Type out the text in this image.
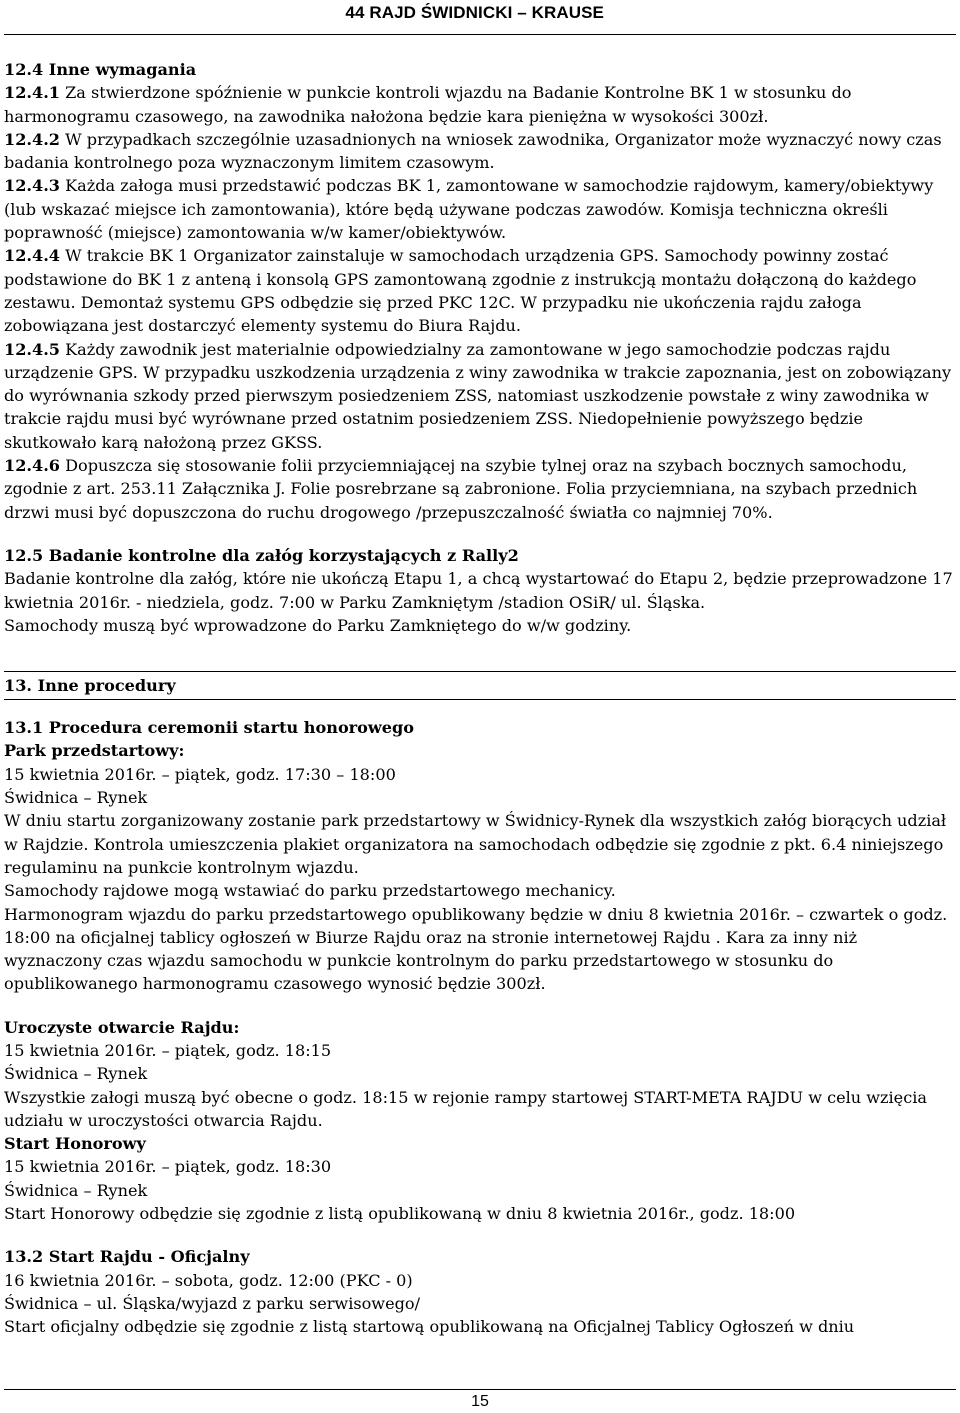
44 RAJD ŚWIDNICKI – KRAUSE

12.4 Inne wymagania

12.4.1 Za stwierdzone spóźnienie w punkcie kontroli wjazdu na Badanie Kontrolne BK 1 w stosunku do harmonogramu czasowego, na zawodnika nałożona będzie kara pieniężna w wysokości 300zł.

12.4.2 W przypadkach szczególnie uzasadnionych na wniosek zawodnika, Organizator może wyznaczyć nowy czas badania kontrolnego poza wyznaczonym limitem czasowym.

12.4.3 Każda załoga musi przedstawić podczas BK 1, zamontowane w samochodzie rajdowym, kamery/obiektywy (lub wskazać miejsce ich zamontowania), które będą używane podczas zawodów. Komisja techniczna określi poprawność (miejsce) zamontowania w/w kamer/obiektywów.

12.4.4 W trakcie BK 1 Organizator zainstaluje w samochodach urządzenia GPS. Samochody powinny zostać podstawione do BK 1 z anteną i konsolą GPS zamontowaną zgodnie z instrukcją montażu dołączoną do każdego zestawu. Demontaż systemu GPS odbędzie się przed PKC 12C. W przypadku nie ukończenia rajdu załoga zobowiązana jest dostarczyć elementy systemu do Biura Rajdu.

12.4.5 Każdy zawodnik jest materialnie odpowiedzialny za zamontowane w jego samochodzie podczas rajdu urządzenie GPS. W przypadku uszkodzenia urządzenia z winy zawodnika w trakcie zapoznania, jest on zobowiązany do wyrównania szkody przed pierwszym posiedzeniem ZSS, natomiast uszkodzenie powstałe z winy zawodnika w trakcie rajdu musi być wyrównane przed ostatnim posiedzeniem ZSS. Niedopełnienie powyższego będzie skutkowało karą nałożoną przez GKSS.

12.4.6 Dopuszcza się stosowanie folii przyciemniającej na szybie tylnej oraz na szybach bocznych samochodu, zgodnie z art. 253.11 Załącznika J. Folie posrebrzane są zabronione. Folia przyciemniana, na szybach przednich drzwi musi być dopuszczona do ruchu drogowego /przepuszczalność światła co najmniej 70%.

12.5 Badanie kontrolne dla załóg korzystających z Rally2

Badanie kontrolne dla załóg, które nie ukończą Etapu 1, a chcą wystartować do Etapu 2, będzie przeprowadzone 17 kwietnia 2016r. - niedziela, godz. 7:00 w Parku Zamkniętym /stadion OSiR/ ul. Śląska.

Samochody muszą być wprowadzone do Parku Zamkniętego do w/w godziny.

13. Inne procedury

13.1 Procedura ceremonii startu honorowego

Park przedstartowy:

15 kwietnia 2016r. – piątek, godz. 17:30 – 18:00

Świdnica – Rynek

W dniu startu zorganizowany zostanie park przedstartowy w Świdnicy-Rynek dla wszystkich załóg biorących udział w Rajdzie. Kontrola umieszczenia plakiet organizatora na samochodach odbędzie się zgodnie z pkt. 6.4 niniejszego regulaminu na punkcie kontrolnym wjazdu.

Samochody rajdowe mogą wstawiać do parku przedstartowego mechanicy.

Harmonogram wjazdu do parku przedstartowego opublikowany będzie w dniu 8 kwietnia 2016r. – czwartek o godz. 18:00 na oficjalnej tablicy ogłoszeń w Biurze Rajdu oraz na stronie internetowej Rajdu . Kara za inny niż wyznaczony czas wjazdu samochodu w punkcie kontrolnym do parku przedstartowego w stosunku do opublikowanego harmonogramu czasowego wynosić będzie 300zł.

Uroczyste otwarcie Rajdu:

15 kwietnia 2016r. – piątek, godz. 18:15

Świdnica – Rynek

Wszystkie załogi muszą być obecne o godz. 18:15 w rejonie rampy startowej START-META RAJDU w celu wzięcia udziału w uroczystości otwarcia Rajdu.

Start Honorowy

15 kwietnia 2016r. – piątek, godz. 18:30

Świdnica – Rynek

Start Honorowy odbędzie się zgodnie z listą opublikowaną w dniu 8 kwietnia 2016r., godz. 18:00

13.2 Start Rajdu - Oficjalny

16 kwietnia 2016r. – sobota, godz. 12:00 (PKC - 0)

Świdnica – ul. Śląska/wyjazd z parku serwisowego/

Start oficjalny odbędzie się zgodnie z listą startową opublikowaną na Oficjalnej Tablicy Ogłoszeń w dniu

15
